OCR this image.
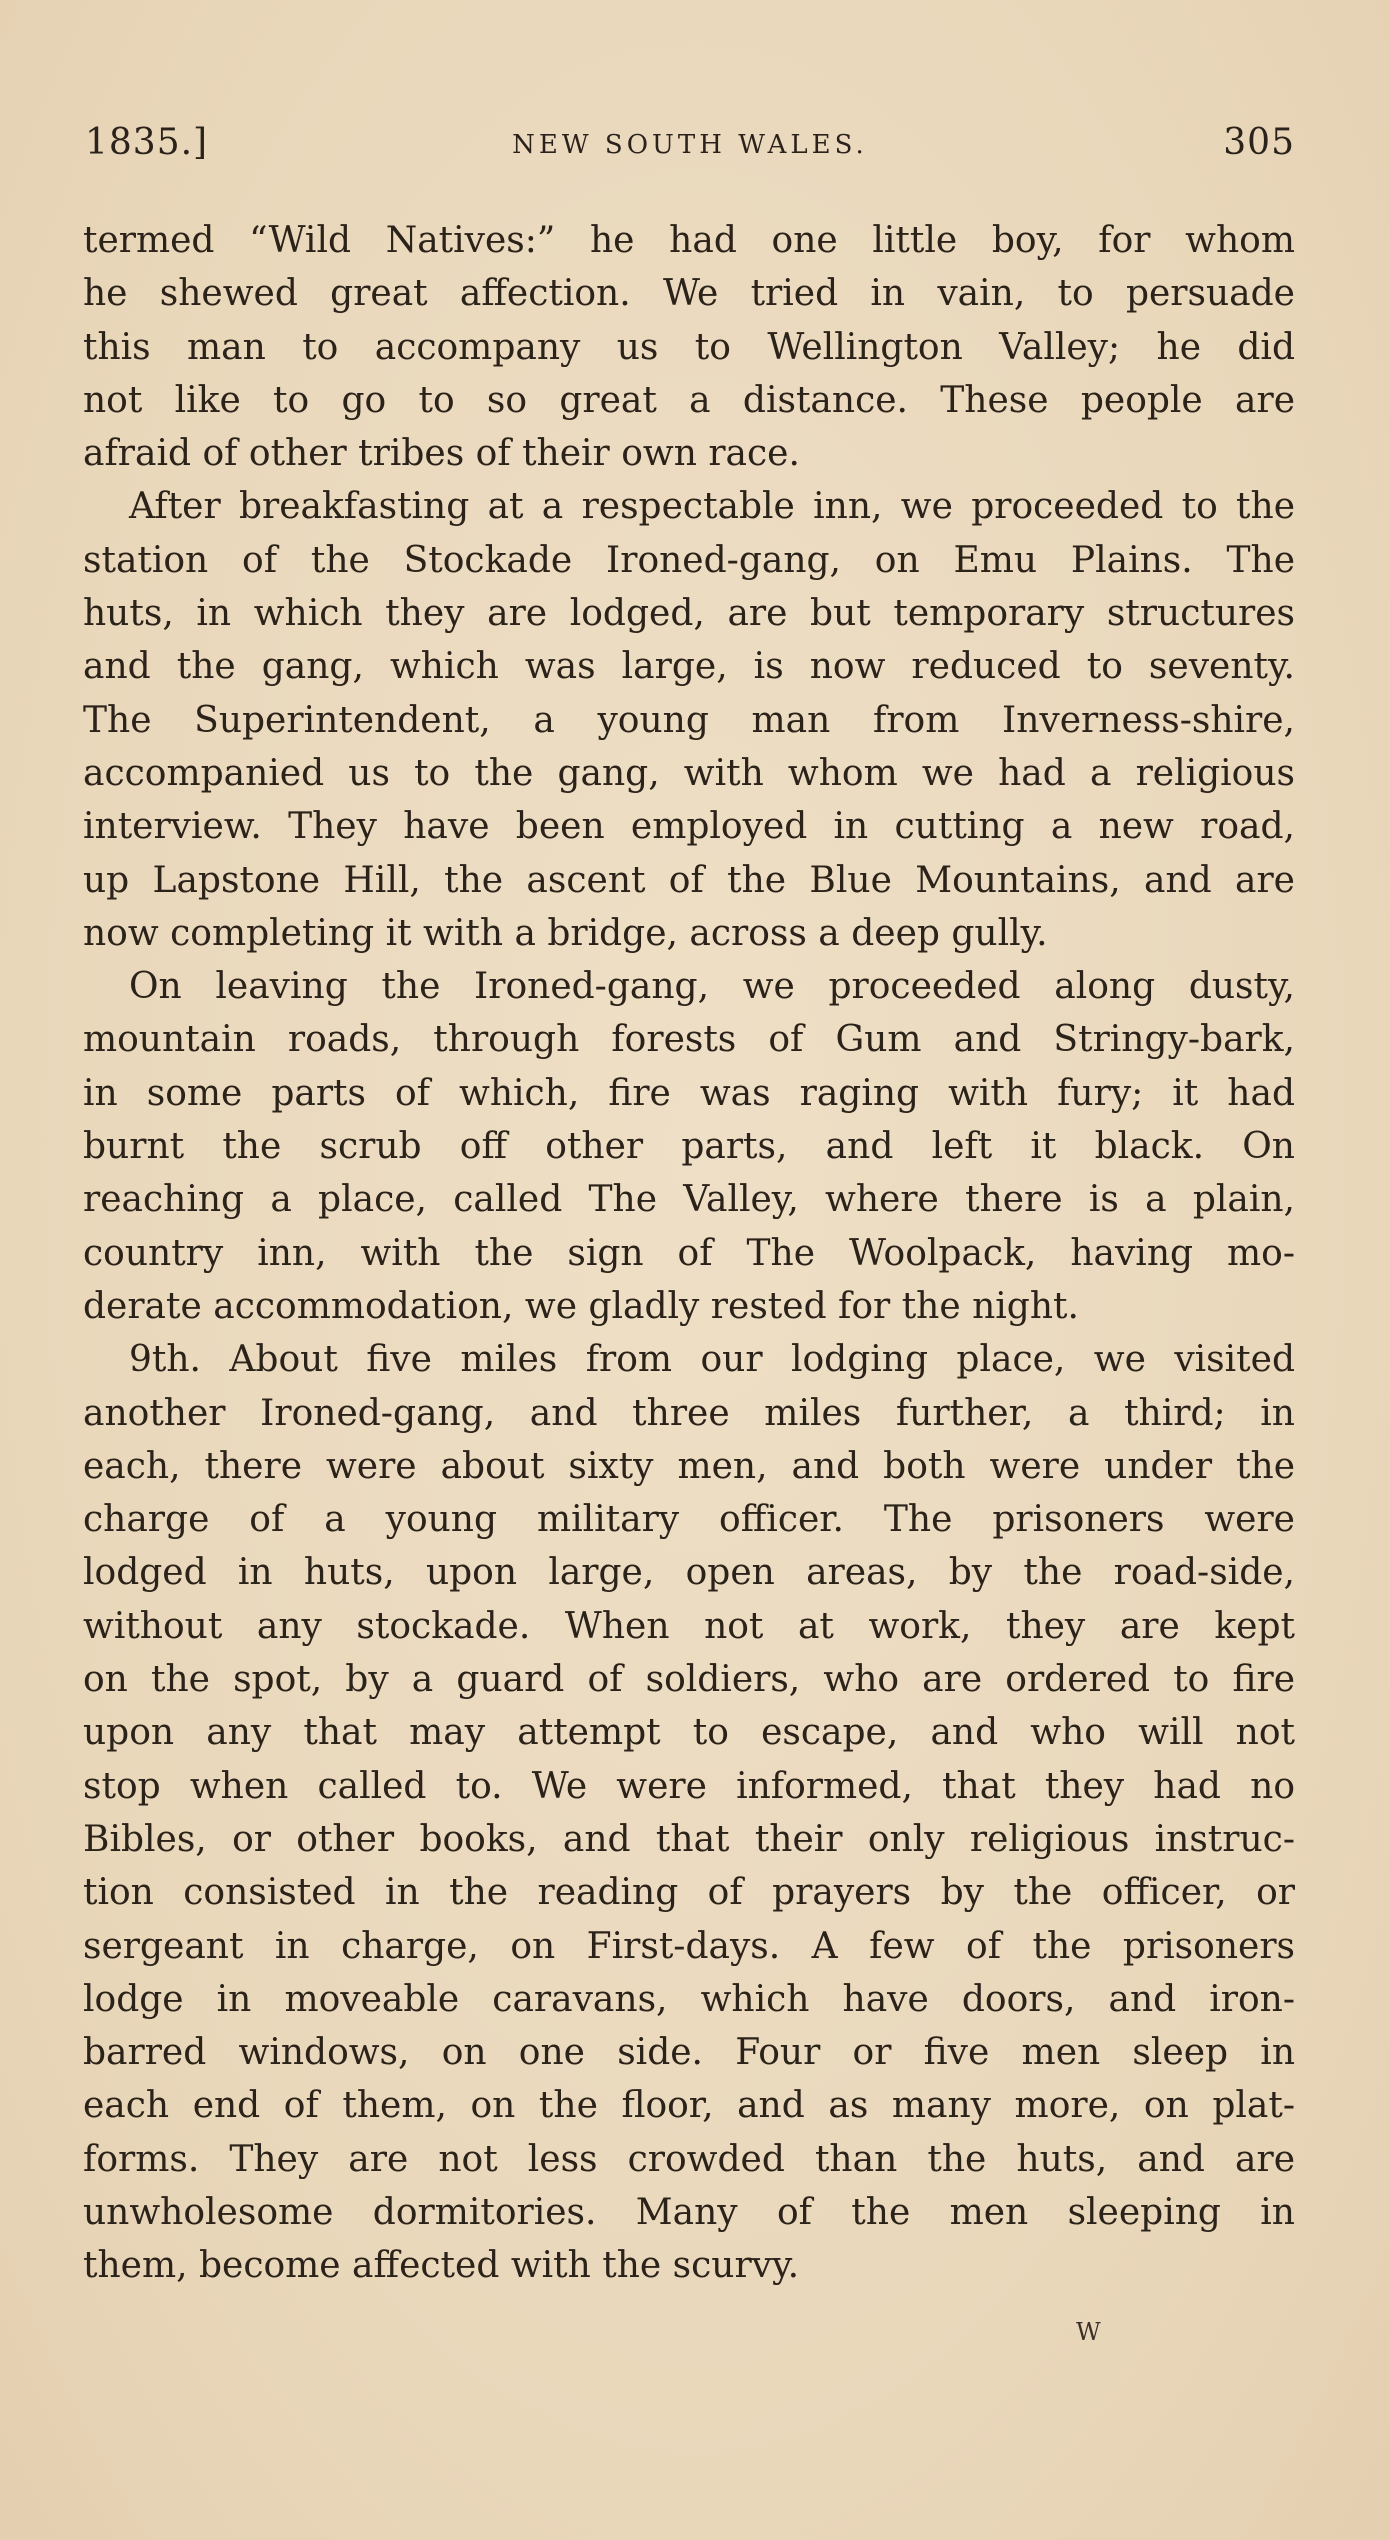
1835.]	NEW SOUTH WALES.	305
termed “Wild Natives:” he had one little boy, for whom
he shewed great affection. We tried in vain, to persuade
this man to accompany us to Wellington Valley; he did
not like to go to so great a distance. These people are
afraid of other tribes of their own race.
After breakfasting at a respectable inn, we proceeded to the
station of the Stockade Ironed-gang, on Emu Plains. The
huts, in which they are lodged, are but temporary structures
and the gang, which was large, is now reduced to seventy.
The Superintendent, a young man from Inverness-shire,
accompanied us to the gang, with whom we had a religious
interview. They have been employed in cutting a new road,
up Lapstone Hill, the ascent of the Blue Mountains, and are
now completing it with a bridge, across a deep gully.
On leaving the Ironed-gang, we proceeded along dusty,
mountain roads, through forests of Gum and Stringy-bark,
in some parts of which, fire was raging with fury; it had
burnt the scrub off other parts, and left it black. On
reaching a place, called The Valley, where there is a plain,
country inn, with the sign of The Woolpack, having mo-
derate accommodation, we gladly rested for the night.
9th. About five miles from our lodging place, we visited
another Ironed-gang, and three miles further, a third; in
each, there were about sixty men, and both were under the
charge of a young military officer. The prisoners were
lodged in huts, upon large, open areas, by the road-side,
without any stockade. When not at work, they are kept
on the spot, by a guard of soldiers, who are ordered to fire
upon any that may attempt to escape, and who will not
stop when called to. We were informed, that they had no
Bibles, or other books, and that their only religious instruc-
tion consisted in the reading of prayers by the officer, or
sergeant in charge, on First-days. A few of the prisoners
lodge in moveable caravans, which have doors, and iron-
barred windows, on one side. Four or five men sleep in
each end of them, on the floor, and as many more, on plat-
forms. They are not less crowded than the huts, and are
unwholesome dormitories. Many of the men sleeping in
them, become affected with the scurvy.
W
